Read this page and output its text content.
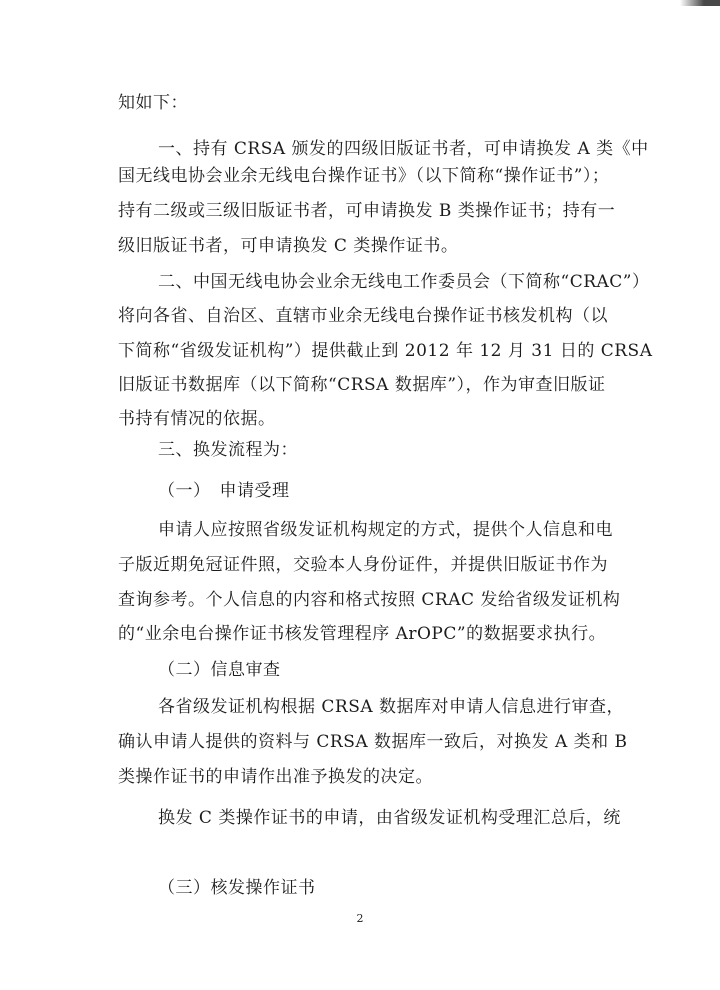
知如下：
一、持有 CRSA 颁发的四级旧版证书者，可申请换发 A 类《中
国无线电协会业余无线电台操作证书》（以下简称“操作证书”）；
持有二级或三级旧版证书者，可申请换发 B 类操作证书；持有一
级旧版证书者，可申请换发 C 类操作证书。
二、中国无线电协会业余无线电工作委员会（下简称“CRAC”）
将向各省、自治区、直辖市业余无线电台操作证书核发机构（以
下简称“省级发证机构”）提供截止到 2012 年 12 月 31 日的 CRSA
旧版证书数据库（以下简称“CRSA 数据库”），作为审查旧版证
书持有情况的依据。
三、换发流程为：
（一）　申请受理
申请人应按照省级发证机构规定的方式，提供个人信息和电
子版近期免冠证件照，交验本人身份证件，并提供旧版证书作为
查询参考。个人信息的内容和格式按照 CRAC 发给省级发证机构
的“业余电台操作证书核发管理程序 ArOPC”的数据要求执行。
（二）信息审查
各省级发证机构根据 CRSA 数据库对申请人信息进行审查，
确认申请人提供的资料与 CRSA 数据库一致后，对换发 A 类和 B
类操作证书的申请作出准予换发的决定。
换发 C 类操作证书的申请，由省级发证机构受理汇总后，统
2
（三）核发操作证书
